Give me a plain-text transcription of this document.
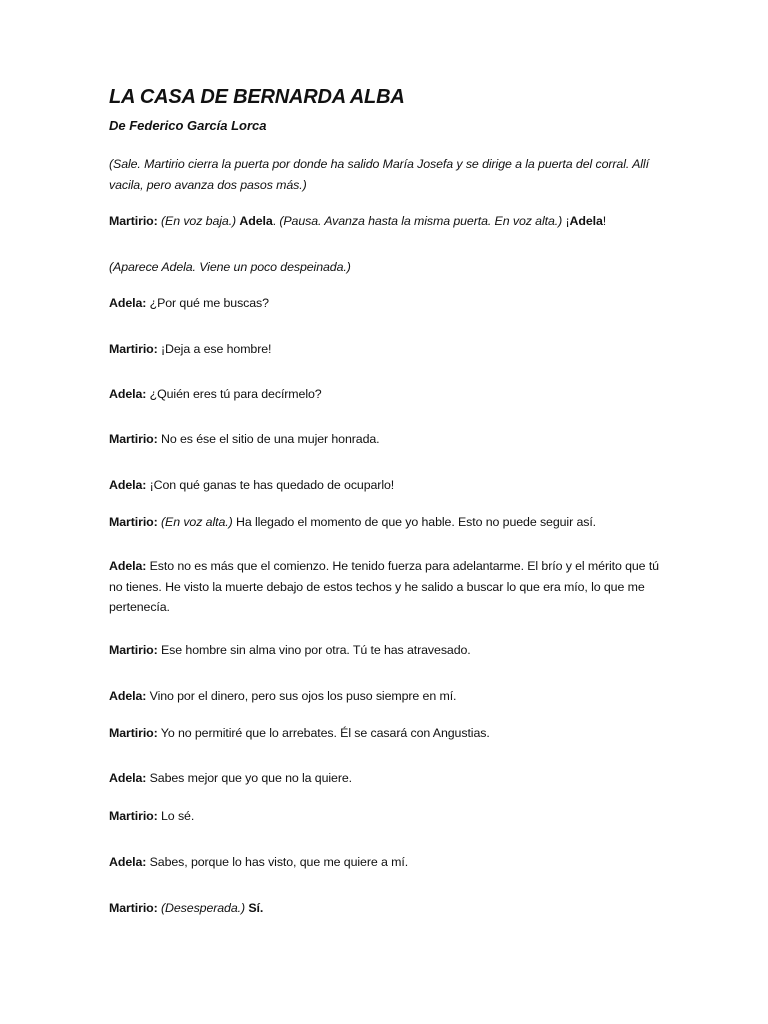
LA CASA DE BERNARDA ALBA
De Federico García Lorca
(Sale. Martirio cierra la puerta por donde ha salido María Josefa y se dirige a la puerta del corral. Allí vacila, pero avanza dos pasos más.)
Martirio: (En voz baja.) Adela. (Pausa. Avanza hasta la misma puerta. En voz alta.) ¡Adela!
(Aparece Adela. Viene un poco despeinada.)
Adela: ¿Por qué me buscas?
Martirio: ¡Deja a ese hombre!
Adela: ¿Quién eres tú para decírmelo?
Martirio: No es ése el sitio de una mujer honrada.
Adela: ¡Con qué ganas te has quedado de ocuparlo!
Martirio: (En voz alta.) Ha llegado el momento de que yo hable. Esto no puede seguir así.
Adela: Esto no es más que el comienzo. He tenido fuerza para adelantarme. El brío y el mérito que tú no tienes. He visto la muerte debajo de estos techos y he salido a buscar lo que era mío, lo que me pertenecía.
Martirio: Ese hombre sin alma vino por otra. Tú te has atravesado.
Adela: Vino por el dinero, pero sus ojos los puso siempre en mí.
Martirio: Yo no permitiré que lo arrebates. Él se casará con Angustias.
Adela: Sabes mejor que yo que no la quiere.
Martirio: Lo sé.
Adela: Sabes, porque lo has visto, que me quiere a mí.
Martirio: (Desesperada.) Sí.
